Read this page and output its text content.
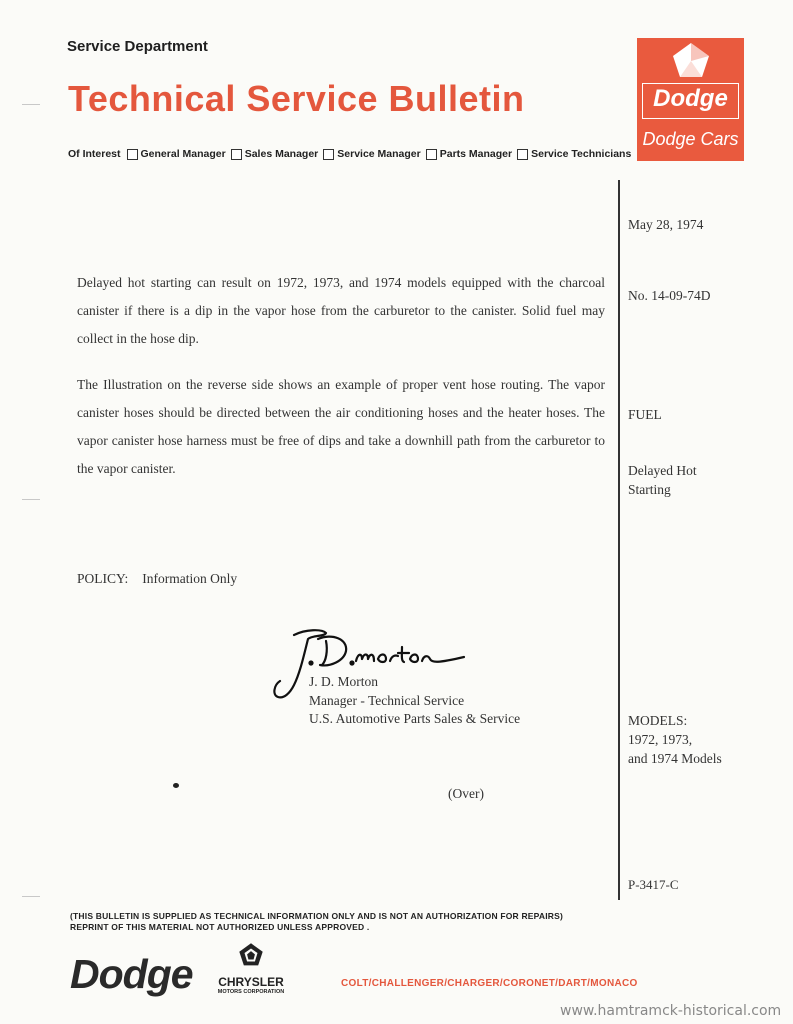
Service Department
Technical Service Bulletin
Of Interest General Manager Sales Manager Service Manager Parts Manager Service Technicians
Dodge
Dodge Cars
May 28, 1974
No. 14-09-74D
FUEL
Delayed Hot
Starting
MODELS:
1972, 1973,
and 1974 Models
Delayed hot starting can result on 1972, 1973, and 1974 models equipped with the charcoal canister if there is a dip in the vapor hose from the carburetor to the canister. Solid fuel may collect in the hose dip.
The Illustration on the reverse side shows an example of proper vent hose routing. The vapor canister hoses should be directed between the air conditioning hoses and the heater hoses. The vapor canister hose harness must be free of dips and take a downhill path from the carburetor to the vapor canister.
POLICY: Information Only
J. D. Morton
Manager - Technical Service
U.S. Automotive Parts Sales & Service
(Over)
P-3417-C
(THIS BULLETIN IS SUPPLIED AS TECHNICAL INFORMATION ONLY AND IS NOT AN AUTHORIZATION FOR REPAIRS)
REPRINT OF THIS MATERIAL NOT AUTHORIZED UNLESS APPROVED .
Dodge CHRYSLER
MOTORS CORPORATION
COLT/CHALLENGER/CHARGER/CORONET/DART/MONACO
www.hamtramck-historical.com
